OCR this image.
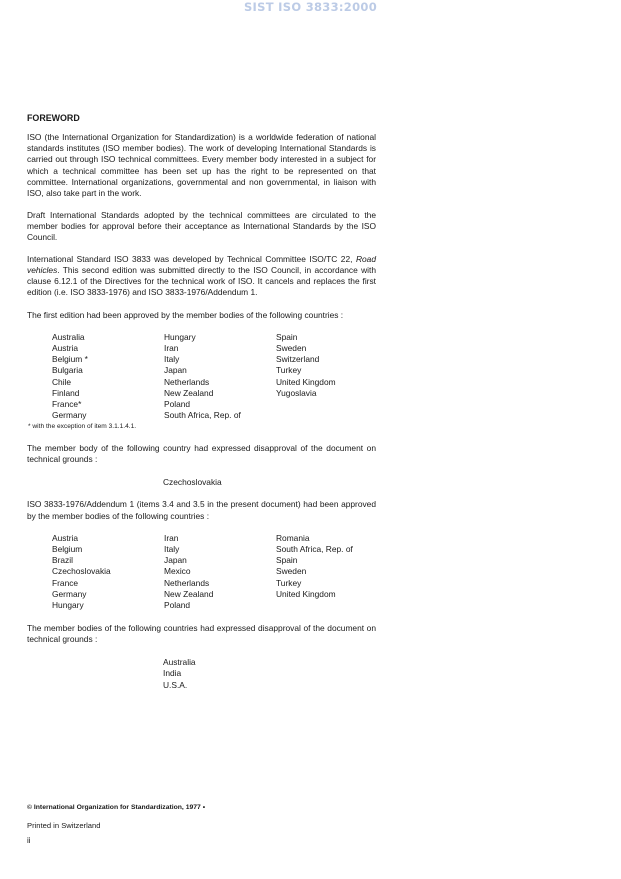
SIST ISO 3833:2000
FOREWORD

ISO (the International Organization for Standardization) is a worldwide federation of national standards institutes (ISO member bodies). The work of developing International Standards is carried out through ISO technical committees. Every member body interested in a subject for which a technical committee has been set up has the right to be represented on that committee. International organizations, governmental and non governmental, in liaison with ISO, also take part in the work.

Draft International Standards adopted by the technical committees are circulated to the member bodies for approval before their acceptance as International Standards by the ISO Council.

International Standard ISO 3833 was developed by Technical Committee ISO/TC 22, Road vehicles. This second edition was submitted directly to the ISO Council, in accordance with clause 6.12.1 of the Directives for the technical work of ISO. It cancels and replaces the first edition (i.e. ISO 3833-1976) and ISO 3833-1976/Addendum 1.

The first edition had been approved by the member bodies of the following countries :

Australia
Austria
Belgium *
Bulgaria
Chile
Finland
France*
Germany
Hungary
Iran
Italy
Japan
Netherlands
New Zealand
Poland
South Africa, Rep. of
Spain
Sweden
Switzerland
Turkey
United Kingdom
Yugoslavia
* with the exception of item 3.1.1.4.1.

The member body of the following country had expressed disapproval of the document on technical grounds :

Czechoslovakia

ISO 3833-1976/Addendum 1 (items 3.4 and 3.5 in the present document) had been approved by the member bodies of the following countries :

Austria
Belgium
Brazil
Czechoslovakia
France
Germany
Hungary
Iran
Italy
Japan
Mexico
Netherlands
New Zealand
Poland
Romania
South Africa, Rep. of
Spain
Sweden
Turkey
United Kingdom

The member bodies of the following countries had expressed disapproval of the document on technical grounds :

Australia
India
U.S.A.
© International Organization for Standardization, 1977 •
Printed in Switzerland
ii
